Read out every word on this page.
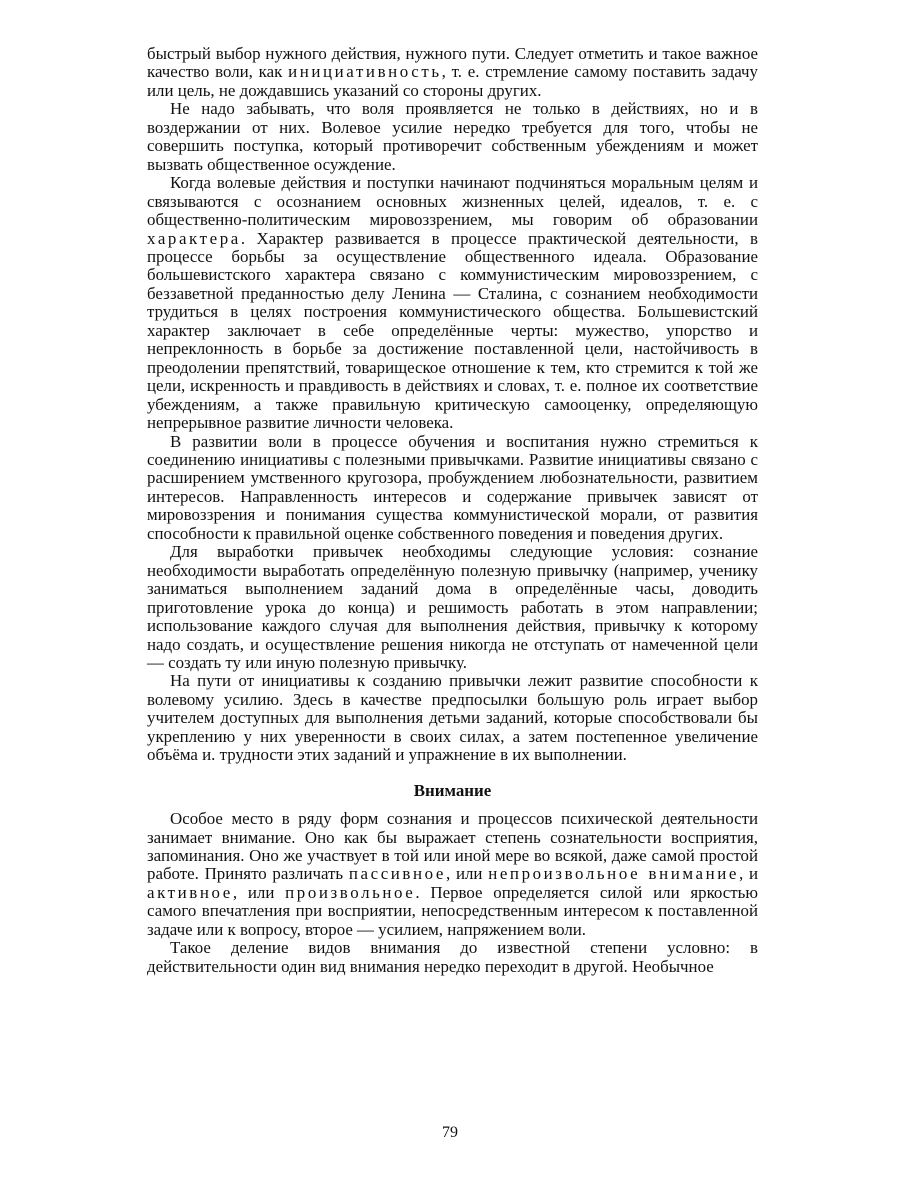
быстрый выбор нужного действия, нужного пути. Следует отметить и такое важное качество воли, как инициативность, т. е. стремление самому поставить задачу или цель, не дождавшись указаний со стороны других.

Не надо забывать, что воля проявляется не только в действиях, но и в воздержании от них. Волевое усилие нередко требуется для того, чтобы не совершить поступка, который противоречит собственным убеждениям и может вызвать общественное осуждение.

Когда волевые действия и поступки начинают подчиняться моральным целям и связываются с осознанием основных жизненных целей, идеалов, т. е. с общественно-политическим мировоззрением, мы говорим об образовании характера. Характер развивается в процессе практической деятельности, в процессе борьбы за осуществление общественного идеала. Образование большевистского характера связано с коммунистическим мировоззрением, с беззаветной преданностью делу Ленина — Сталина, с сознанием необходимости трудиться в целях построения коммунистического общества. Большевистский характер заключает в себе определённые черты: мужество, упорство и непреклонность в борьбе за достижение поставленной цели, настойчивость в преодолении препятствий, товарищеское отношение к тем, кто стремится к той же цели, искренность и правдивость в действиях и словах, т. е. полное их соответствие убеждениям, а также правильную критическую самооценку, определяющую непрерывное развитие личности человека.

В развитии воли в процессе обучения и воспитания нужно стремиться к соединению инициативы с полезными привычками. Развитие инициативы связано с расширением умственного кругозора, пробуждением любознательности, развитием интересов. Направленность интересов и содержание привычек зависят от мировоззрения и понимания существа коммунистической морали, от развития способности к правильной оценке собственного поведения и поведения других.

Для выработки привычек необходимы следующие условия: сознание необходимости выработать определённую полезную привычку (например, ученику заниматься выполнением заданий дома в определённые часы, доводить приготовление урока до конца) и решимость работать в этом направлении; использование каждого случая для выполнения действия, привычку к которому надо создать, и осуществление решения никогда не отступать от намеченной цели — создать ту или иную полезную привычку.

На пути от инициативы к созданию привычки лежит развитие способности к волевому усилию. Здесь в качестве предпосылки большую роль играет выбор учителем доступных для выполнения детьми заданий, которые способствовали бы укреплению у них уверенности в своих силах, а затем постепенное увеличение объёма и. трудности этих заданий и упражнение в их выполнении.

Внимание

Особое место в ряду форм сознания и процессов психической деятельности занимает внимание. Оно как бы выражает степень сознательности восприятия, запоминания. Оно же участвует в той или иной мере во всякой, даже самой простой работе. Принято различать пассивное, или непроизвольное внимание, и активное, или произвольное. Первое определяется силой или яркостью самого впечатления при восприятии, непосредственным интересом к поставленной задаче или к вопросу, второе — усилием, напряжением воли.

Такое деление видов внимания до известной степени условно: в действительности один вид внимания нередко переходит в другой. Необычное

79
